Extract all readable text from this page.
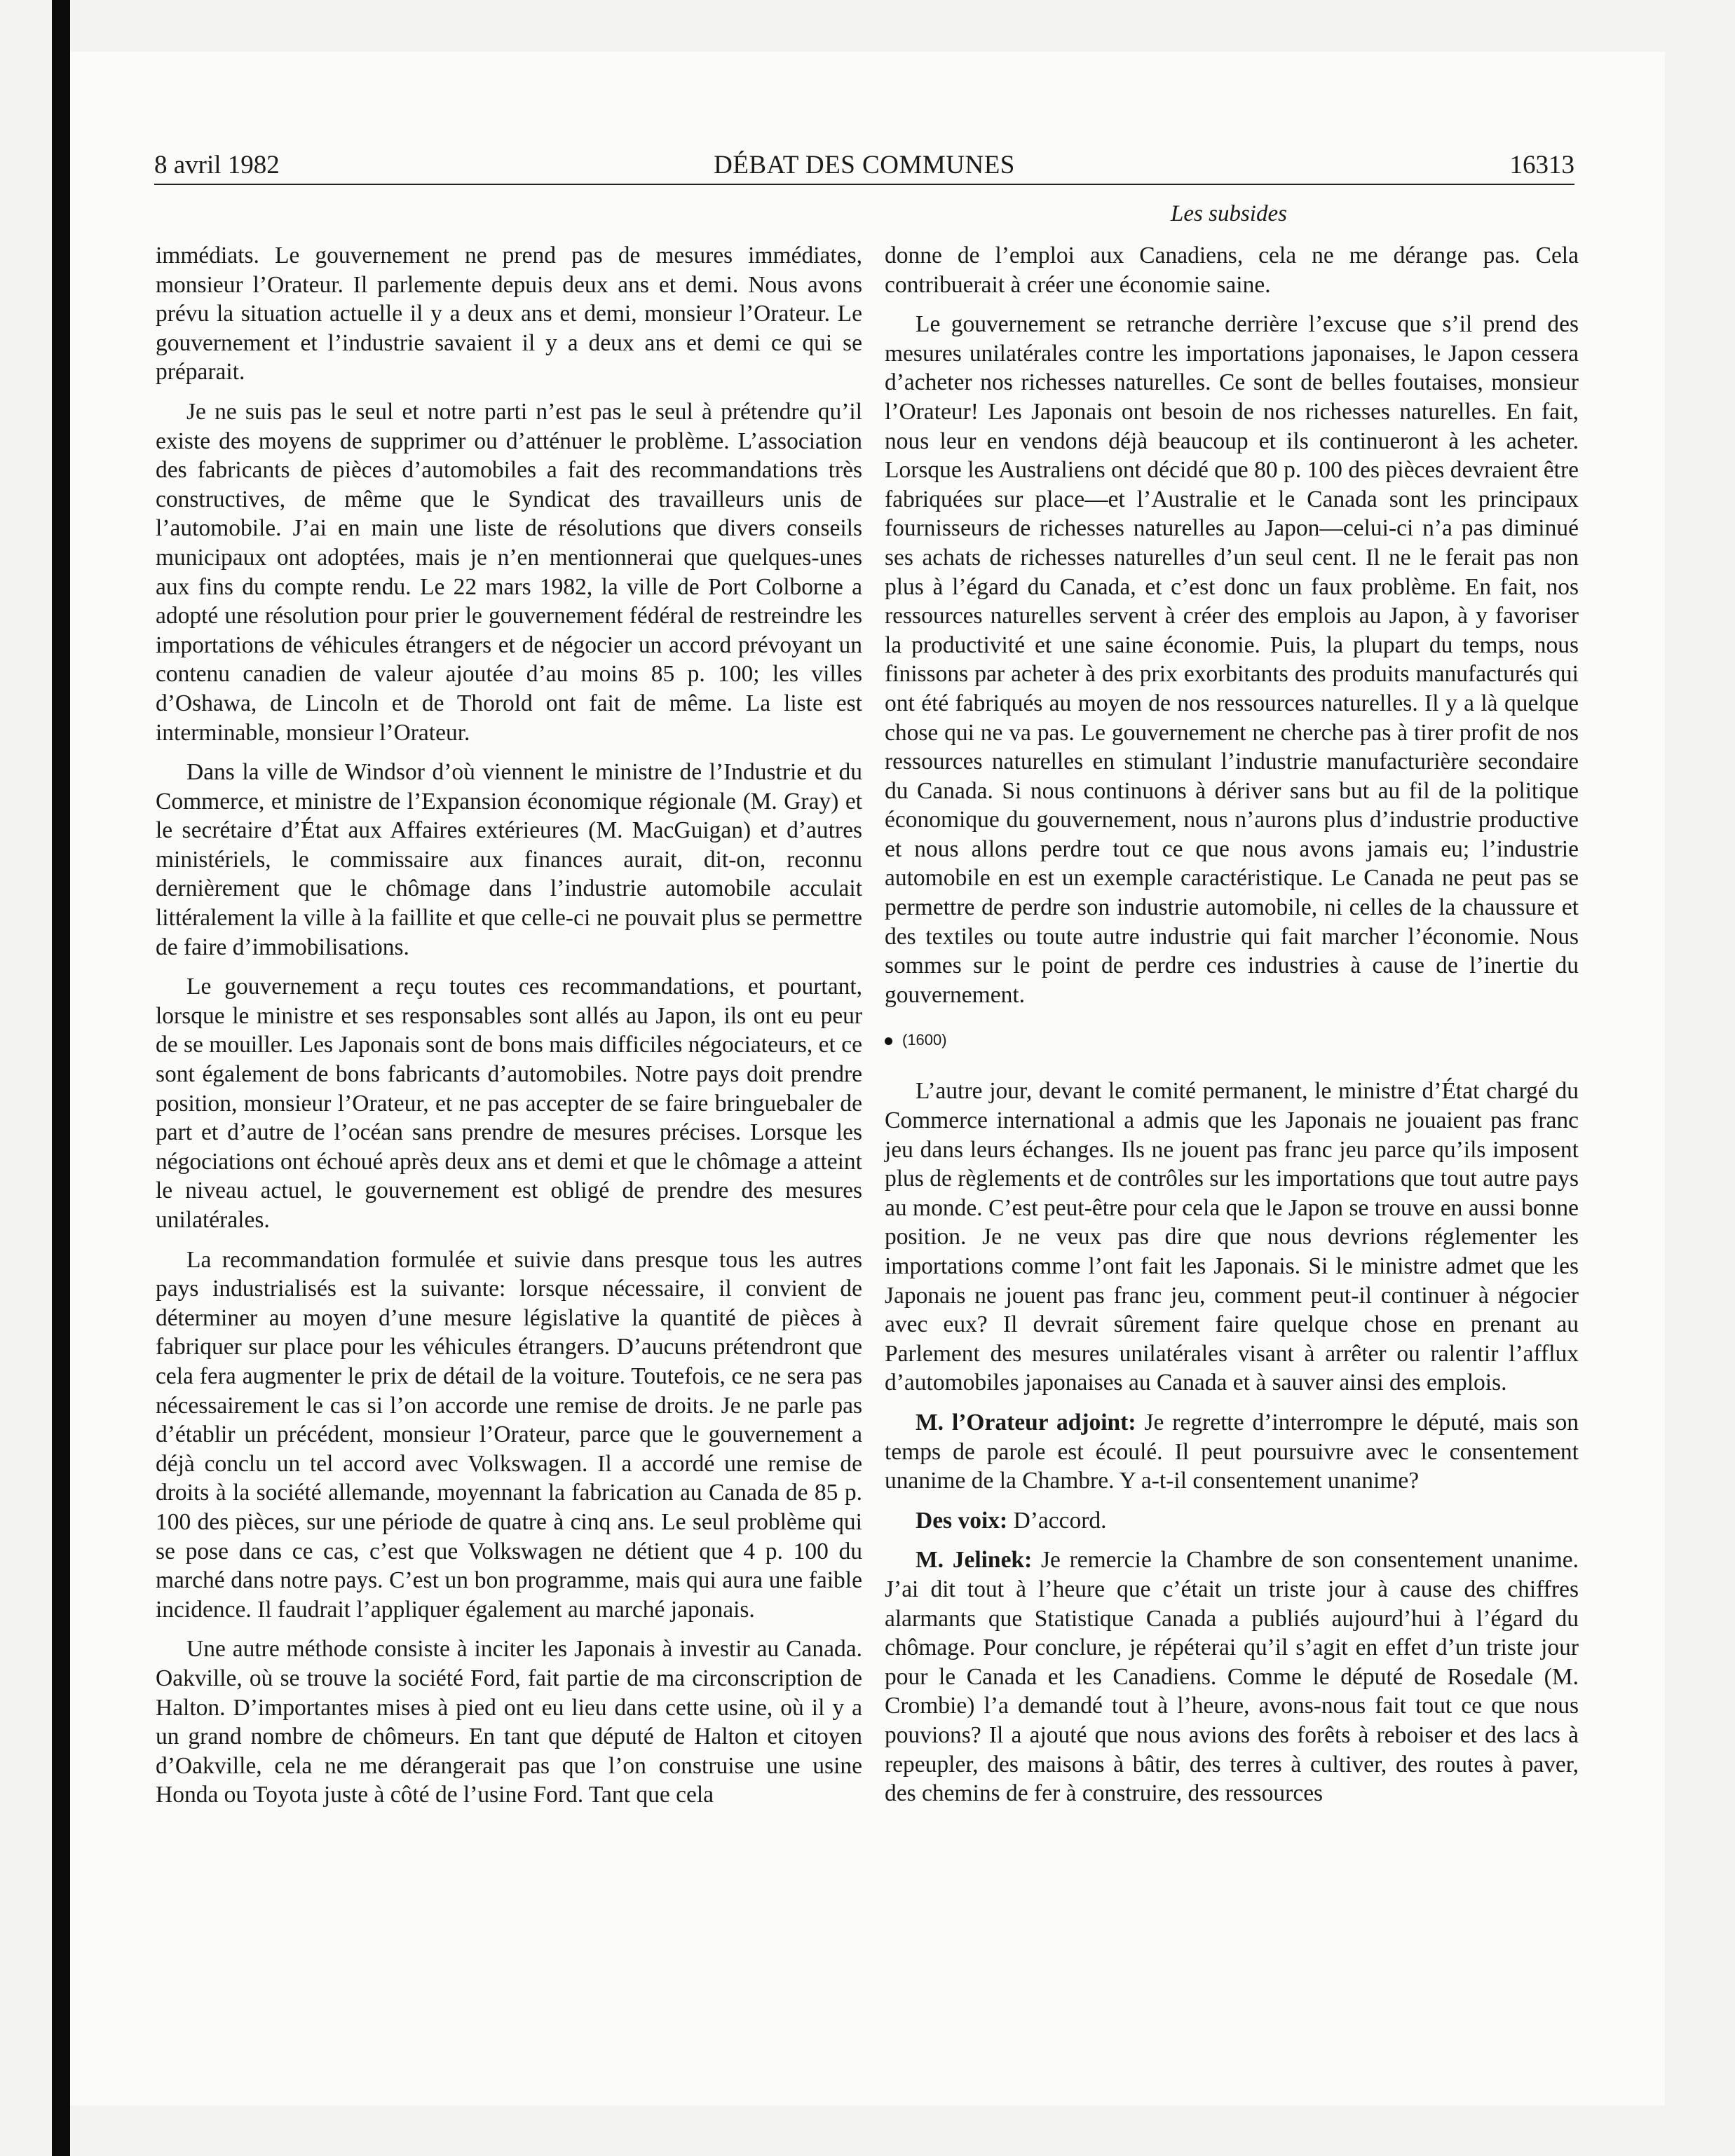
8 avril 1982	DÉBAT DES COMMUNES	16313
Les subsides

immédiats. Le gouvernement ne prend pas de mesures immédiates, monsieur l’Orateur. Il parlemente depuis deux ans et demi. Nous avons prévu la situation actuelle il y a deux ans et demi, monsieur l’Orateur. Le gouvernement et l’industrie savaient il y a deux ans et demi ce qui se préparait.

Je ne suis pas le seul et notre parti n’est pas le seul à prétendre qu’il existe des moyens de supprimer ou d’atténuer le problème. L’association des fabricants de pièces d’automobiles a fait des recommandations très constructives, de même que le Syndicat des travailleurs unis de l’automobile. J’ai en main une liste de résolutions que divers conseils municipaux ont adoptées, mais je n’en mentionnerai que quelques-unes aux fins du compte rendu. Le 22 mars 1982, la ville de Port Colborne a adopté une résolution pour prier le gouvernement fédéral de restreindre les importations de véhicules étrangers et de négocier un accord prévoyant un contenu canadien de valeur ajoutée d’au moins 85 p. 100; les villes d’Oshawa, de Lincoln et de Thorold ont fait de même. La liste est interminable, monsieur l’Orateur.

Dans la ville de Windsor d’où viennent le ministre de l’Industrie et du Commerce, et ministre de l’Expansion économique régionale (M. Gray) et le secrétaire d’État aux Affaires extérieures (M. MacGuigan) et d’autres ministériels, le commissaire aux finances aurait, dit-on, reconnu dernièrement que le chômage dans l’industrie automobile acculait littéralement la ville à la faillite et que celle-ci ne pouvait plus se permettre de faire d’immobilisations.

Le gouvernement a reçu toutes ces recommandations, et pourtant, lorsque le ministre et ses responsables sont allés au Japon, ils ont eu peur de se mouiller. Les Japonais sont de bons mais difficiles négociateurs, et ce sont également de bons fabricants d’automobiles. Notre pays doit prendre position, monsieur l’Orateur, et ne pas accepter de se faire bringuebaler de part et d’autre de l’océan sans prendre de mesures précises. Lorsque les négociations ont échoué après deux ans et demi et que le chômage a atteint le niveau actuel, le gouvernement est obligé de prendre des mesures unilatérales.

La recommandation formulée et suivie dans presque tous les autres pays industrialisés est la suivante: lorsque nécessaire, il convient de déterminer au moyen d’une mesure législative la quantité de pièces à fabriquer sur place pour les véhicules étrangers. D’aucuns prétendront que cela fera augmenter le prix de détail de la voiture. Toutefois, ce ne sera pas nécessairement le cas si l’on accorde une remise de droits. Je ne parle pas d’établir un précédent, monsieur l’Orateur, parce que le gouvernement a déjà conclu un tel accord avec Volkswagen. Il a accordé une remise de droits à la société allemande, moyennant la fabrication au Canada de 85 p. 100 des pièces, sur une période de quatre à cinq ans. Le seul problème qui se pose dans ce cas, c’est que Volkswagen ne détient que 4 p. 100 du marché dans notre pays. C’est un bon programme, mais qui aura une faible incidence. Il faudrait l’appliquer également au marché japonais.

Une autre méthode consiste à inciter les Japonais à investir au Canada. Oakville, où se trouve la société Ford, fait partie de ma circonscription de Halton. D’importantes mises à pied ont eu lieu dans cette usine, où il y a un grand nombre de chômeurs. En tant que député de Halton et citoyen d’Oakville, cela ne me dérangerait pas que l’on construise une usine Honda ou Toyota juste à côté de l’usine Ford. Tant que cela

donne de l’emploi aux Canadiens, cela ne me dérange pas. Cela contribuerait à créer une économie saine.

Le gouvernement se retranche derrière l’excuse que s’il prend des mesures unilatérales contre les importations japonaises, le Japon cessera d’acheter nos richesses naturelles. Ce sont de belles foutaises, monsieur l’Orateur! Les Japonais ont besoin de nos richesses naturelles. En fait, nous leur en vendons déjà beaucoup et ils continueront à les acheter. Lorsque les Australiens ont décidé que 80 p. 100 des pièces devraient être fabriquées sur place—et l’Australie et le Canada sont les principaux fournisseurs de richesses naturelles au Japon—celui-ci n’a pas diminué ses achats de richesses naturelles d’un seul cent. Il ne le ferait pas non plus à l’égard du Canada, et c’est donc un faux problème. En fait, nos ressources naturelles servent à créer des emplois au Japon, à y favoriser la productivité et une saine économie. Puis, la plupart du temps, nous finissons par acheter à des prix exorbitants des produits manufacturés qui ont été fabriqués au moyen de nos ressources naturelles. Il y a là quelque chose qui ne va pas. Le gouvernement ne cherche pas à tirer profit de nos ressources naturelles en stimulant l’industrie manufacturière secondaire du Canada. Si nous continuons à dériver sans but au fil de la politique économique du gouvernement, nous n’aurons plus d’industrie productive et nous allons perdre tout ce que nous avons jamais eu; l’industrie automobile en est un exemple caractéristique. Le Canada ne peut pas se permettre de perdre son industrie automobile, ni celles de la chaussure et des textiles ou toute autre industrie qui fait marcher l’économie. Nous sommes sur le point de perdre ces industries à cause de l’inertie du gouvernement.

(1600)

L’autre jour, devant le comité permanent, le ministre d’État chargé du Commerce international a admis que les Japonais ne jouaient pas franc jeu dans leurs échanges. Ils ne jouent pas franc jeu parce qu’ils imposent plus de règlements et de contrôles sur les importations que tout autre pays au monde. C’est peut-être pour cela que le Japon se trouve en aussi bonne position. Je ne veux pas dire que nous devrions réglementer les importations comme l’ont fait les Japonais. Si le ministre admet que les Japonais ne jouent pas franc jeu, comment peut-il continuer à négocier avec eux? Il devrait sûrement faire quelque chose en prenant au Parlement des mesures unilatérales visant à arrêter ou ralentir l’afflux d’automobiles japonaises au Canada et à sauver ainsi des emplois.

M. l’Orateur adjoint: Je regrette d’interrompre le député, mais son temps de parole est écoulé. Il peut poursuivre avec le consentement unanime de la Chambre. Y a-t-il consentement unanime?

Des voix: D’accord.

M. Jelinek: Je remercie la Chambre de son consentement unanime. J’ai dit tout à l’heure que c’était un triste jour à cause des chiffres alarmants que Statistique Canada a publiés aujourd’hui à l’égard du chômage. Pour conclure, je répéterai qu’il s’agit en effet d’un triste jour pour le Canada et les Canadiens. Comme le député de Rosedale (M. Crombie) l’a demandé tout à l’heure, avons-nous fait tout ce que nous pouvions? Il a ajouté que nous avions des forêts à reboiser et des lacs à repeupler, des maisons à bâtir, des terres à cultiver, des routes à paver, des chemins de fer à construire, des ressources
